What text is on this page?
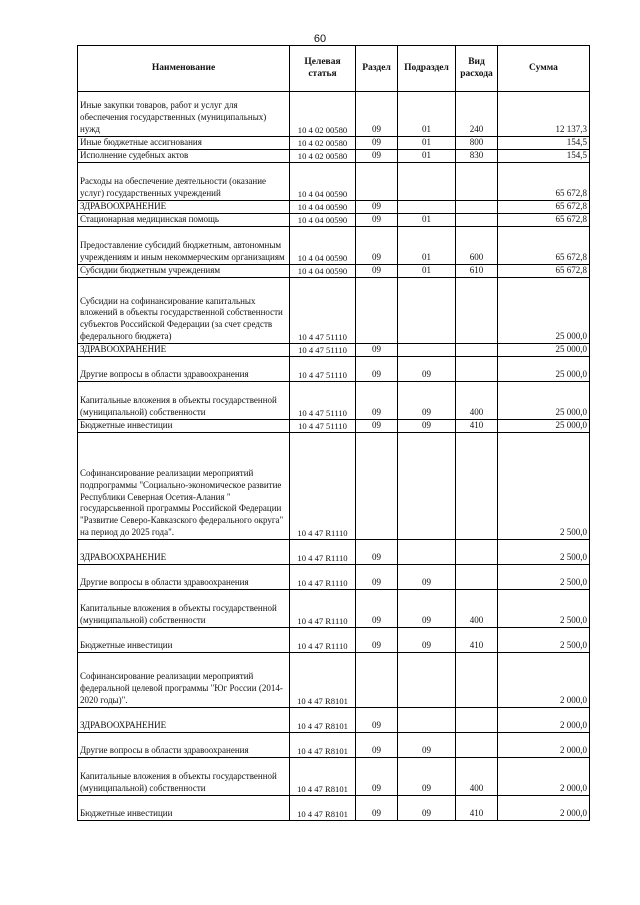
60
Наименование	Целевая статья	Раздел	Подраздел	Вид расхода	Сумма
Иные закупки товаров, работ и услуг для обеспечения государственных (муниципальных) нужд	10 4 02 00580	09	01	240	12 137,3
Иные бюджетные ассигнования	10 4 02 00580	09	01	800	154,5
Исполнение судебных актов	10 4 02 00580	09	01	830	154,5
Расходы на обеспечение деятельности (оказание услуг) государственных учреждений	10 4 04 00590				65 672,8
ЗДРАВООХРАНЕНИЕ	10 4 04 00590	09			65 672,8
Стационарная медицинская помощь	10 4 04 00590	09	01		65 672,8
Предоставление субсидий бюджетным, автономным учреждениям и иным некоммерческим организациям	10 4 04 00590	09	01	600	65 672,8
Субсидии бюджетным учреждениям	10 4 04 00590	09	01	610	65 672,8
Субсидии на софинансирование капитальных вложений в объекты государственной собственности субъектов Российской Федерации (за счет средств федерального бюджета)	10 4 47 51110				25 000,0
ЗДРАВООХРАНЕНИЕ	10 4 47 51110	09			25 000,0
Другие вопросы в области здравоохранения	10 4 47 51110	09	09		25 000,0
Капитальные вложения в объекты государственной (муниципальной) собственности	10 4 47 51110	09	09	400	25 000,0
Бюджетные инвестиции	10 4 47 51110	09	09	410	25 000,0
Софинансирование реализации мероприятий подпрограммы "Социально-экономическое развитие Республики Северная Осетия-Алания " государсьвенной программы Российской Федерации "Развитие Северо-Кавказского федерального округа" на период до 2025 года".	10 4 47 R1110				2 500,0
ЗДРАВООХРАНЕНИЕ	10 4 47 R1110	09			2 500,0
Другие вопросы в области здравоохранения	10 4 47 R1110	09	09		2 500,0
Капитальные вложения в объекты государственной (муниципальной) собственности	10 4 47 R1110	09	09	400	2 500,0
Бюджетные инвестиции	10 4 47 R1110	09	09	410	2 500,0
Софинансирование реализации мероприятий федеральной целевой программы "Юг России (2014-2020 годы)".	10 4 47 R8101				2 000,0
ЗДРАВООХРАНЕНИЕ	10 4 47 R8101	09			2 000,0
Другие вопросы в области здравоохранения	10 4 47 R8101	09	09		2 000,0
Капитальные вложения в объекты государственной (муниципальной) собственности	10 4 47 R8101	09	09	400	2 000,0
Бюджетные инвестиции	10 4 47 R8101	09	09	410	2 000,0
